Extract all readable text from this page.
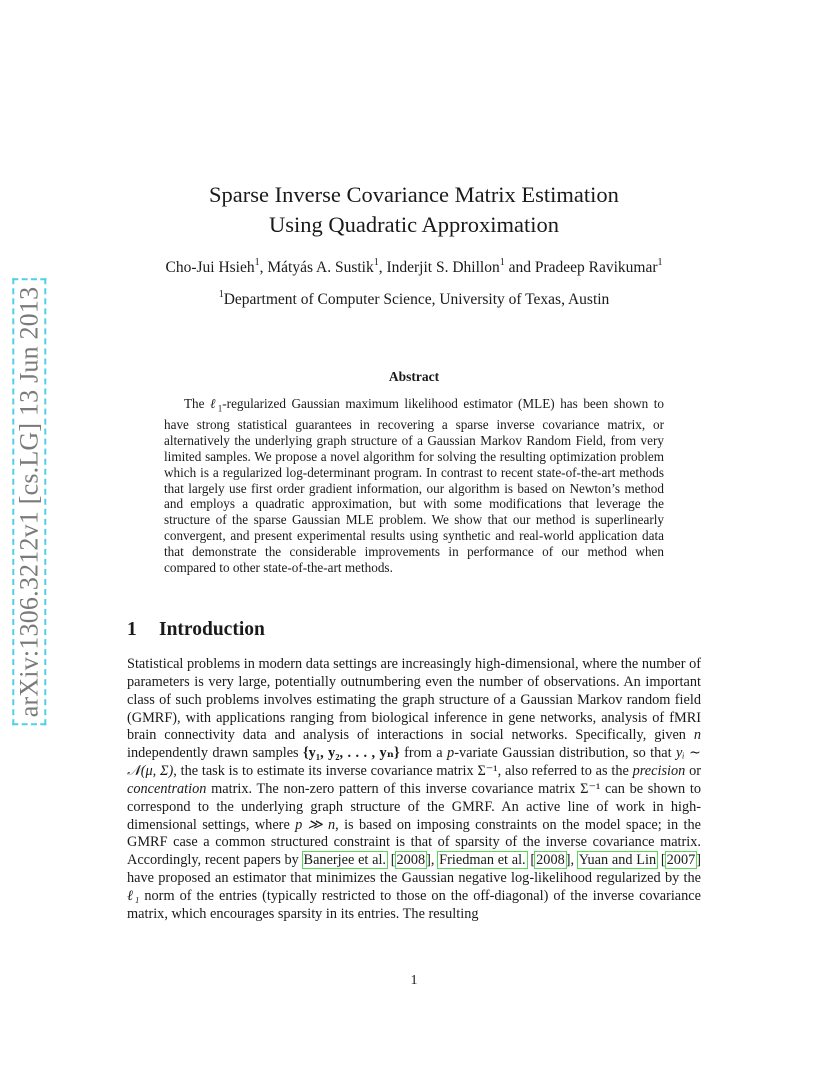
arXiv:1306.3212v1 [cs.LG] 13 Jun 2013
Sparse Inverse Covariance Matrix Estimation
Using Quadratic Approximation
Cho-Jui Hsieh$^1$, Mátyás A. Sustik$^1$, Inderjit S. Dhillon$^1$ and Pradeep Ravikumar$^1$
$^1$Department of Computer Science, University of Texas, Austin
Abstract

The ℓ$_1$-regularized Gaussian maximum likelihood estimator (MLE) has been shown to have strong statistical guarantees in recovering a sparse inverse covariance matrix, or alternatively the underlying graph structure of a Gaussian Markov Random Field, from very limited samples. We propose a novel algorithm for solving the resulting optimization problem which is a regularized log-determinant program. In contrast to recent state-of-the-art methods that largely use first order gradient information, our algorithm is based on Newton’s method and employs a quadratic approximation, but with some modifications that leverage the structure of the sparse Gaussian MLE problem. We show that our method is superlinearly convergent, and present experimental results using synthetic and real-world application data that demonstrate the considerable improvements in performance of our method when compared to other state-of-the-art methods.

1 Introduction

Statistical problems in modern data settings are increasingly high-dimensional, where the number of parameters is very large, potentially outnumbering even the number of observations. An important class of such problems involves estimating the graph structure of a Gaussian Markov random field (GMRF), with applications ranging from biological inference in gene networks, analysis of fMRI brain connectivity data and analysis of interactions in social networks. Specifically, given n independently drawn samples {y₁, y₂, . . . , yₙ} from a p-variate Gaussian distribution, so that yᵢ ∼ 𝒩(μ, Σ), the task is to estimate its inverse covariance matrix Σ⁻¹, also referred to as the precision or concentration matrix. The non-zero pattern of this inverse covariance matrix Σ⁻¹ can be shown to correspond to the underlying graph structure of the GMRF. An active line of work in high-dimensional settings, where p ≫ n, is based on imposing constraints on the model space; in the GMRF case a common structured constraint is that of sparsity of the inverse covariance matrix. Accordingly, recent papers by Banerjee et al. [2008], Friedman et al. [2008], Yuan and Lin [2007] have proposed an estimator that minimizes the Gaussian negative log-likelihood regularized by the ℓ₁ norm of the entries (typically restricted to those on the off-diagonal) of the inverse covariance matrix, which encourages sparsity in its entries. The resulting

1
